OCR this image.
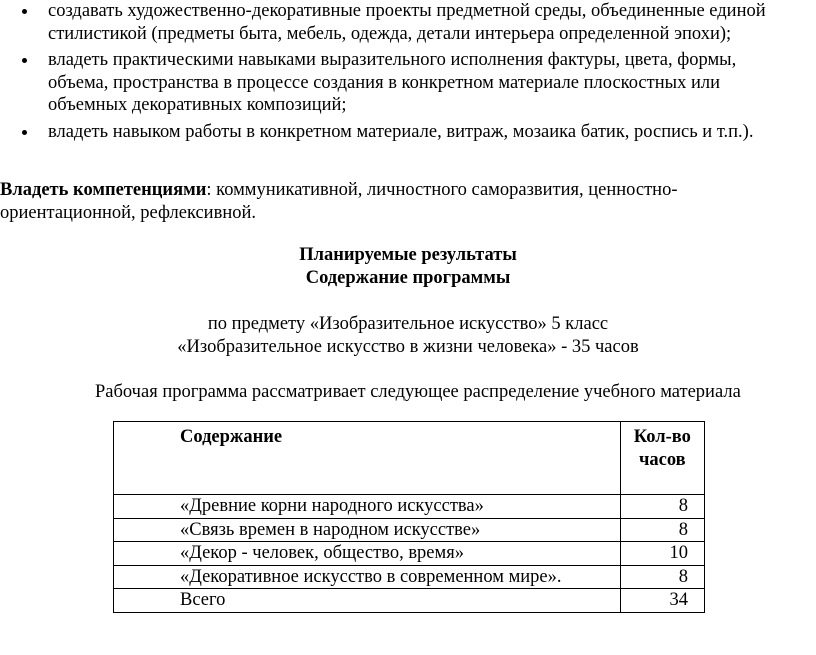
создавать художественно-декоративные проекты предметной среды, объединенные единой стилистикой (предметы быта, мебель, одежда, детали интерьера определенной эпохи);
владеть практическими навыками выразительного исполнения фактуры, цвета, формы, объема, пространства в процессе создания в конкретном материале плоскостных или объемных декоративных композиций;
владеть навыком работы в конкретном материале, витраж, мозаика батик, роспись и т.п.).
Владеть компетенциями: коммуникативной, личностного саморазвития, ценностно-ориентационной, рефлексивной.
Планируемые результаты
Содержание программы
по предмету «Изобразительное искусство» 5 класс
«Изобразительное искусство в жизни человека» - 35 часов
Рабочая программа рассматривает следующее распределение учебного материала
Содержание	Кол-во часов

«Древние корни народного искусства»	8

«Связь времен в народном искусстве»	8

«Декор - человек, общество, время»	10
«Декоративное искусство в современном мире».	8

Всего	34
